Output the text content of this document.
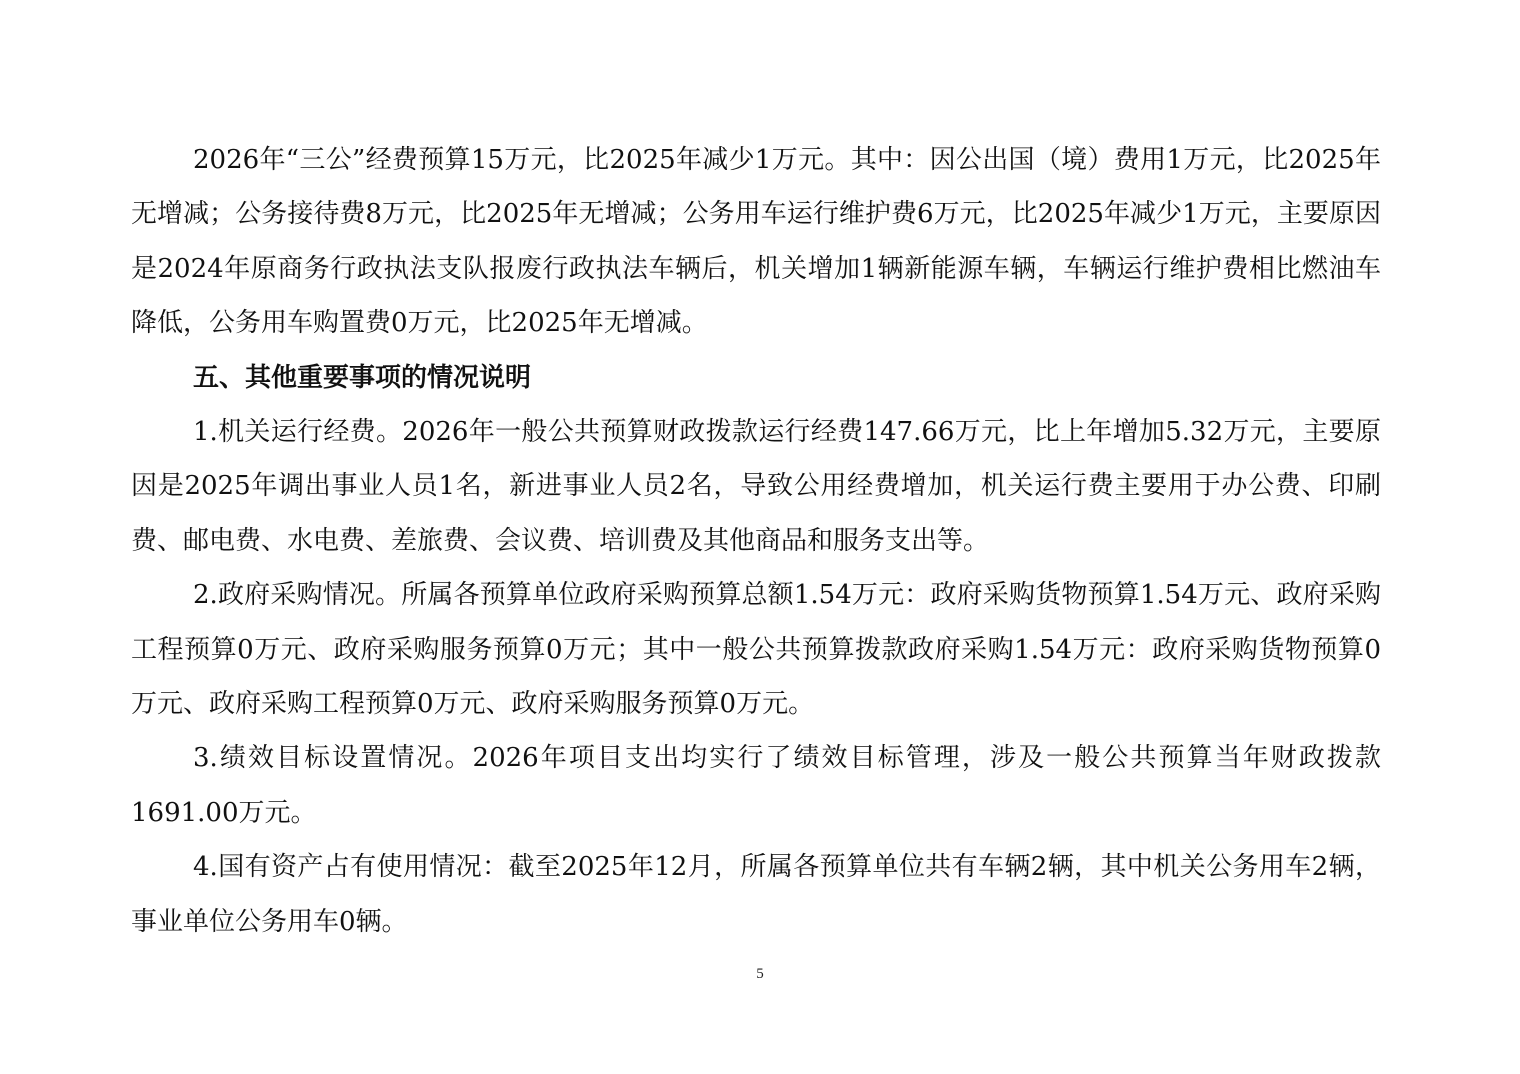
2026年“三公”经费预算15万元，比2025年减少1万元。其中：因公出国（境）费用1万元，比2025年无增减；公务接待费8万元，比2025年无增减；公务用车运行维护费6万元，比2025年减少1万元，主要原因是2024年原商务行政执法支队报废行政执法车辆后，机关增加1辆新能源车辆，车辆运行维护费相比燃油车降低，公务用车购置费0万元，比2025年无增减。

五、其他重要事项的情况说明

1.机关运行经费。2026年一般公共预算财政拨款运行经费147.66万元，比上年增加5.32万元，主要原因是2025年调出事业人员1名，新进事业人员2名，导致公用经费增加，机关运行费主要用于办公费、印刷费、邮电费、水电费、差旅费、会议费、培训费及其他商品和服务支出等。

2.政府采购情况。所属各预算单位政府采购预算总额1.54万元：政府采购货物预算1.54万元、政府采购工程预算0万元、政府采购服务预算0万元；其中一般公共预算拨款政府采购1.54万元：政府采购货物预算0万元、政府采购工程预算0万元、政府采购服务预算0万元。

3.绩效目标设置情况。2026年项目支出均实行了绩效目标管理，涉及一般公共预算当年财政拨款1691.00万元。

4.国有资产占有使用情况：截至2025年12月，所属各预算单位共有车辆2辆，其中机关公务用车2辆，事业单位公务用车0辆。

5
